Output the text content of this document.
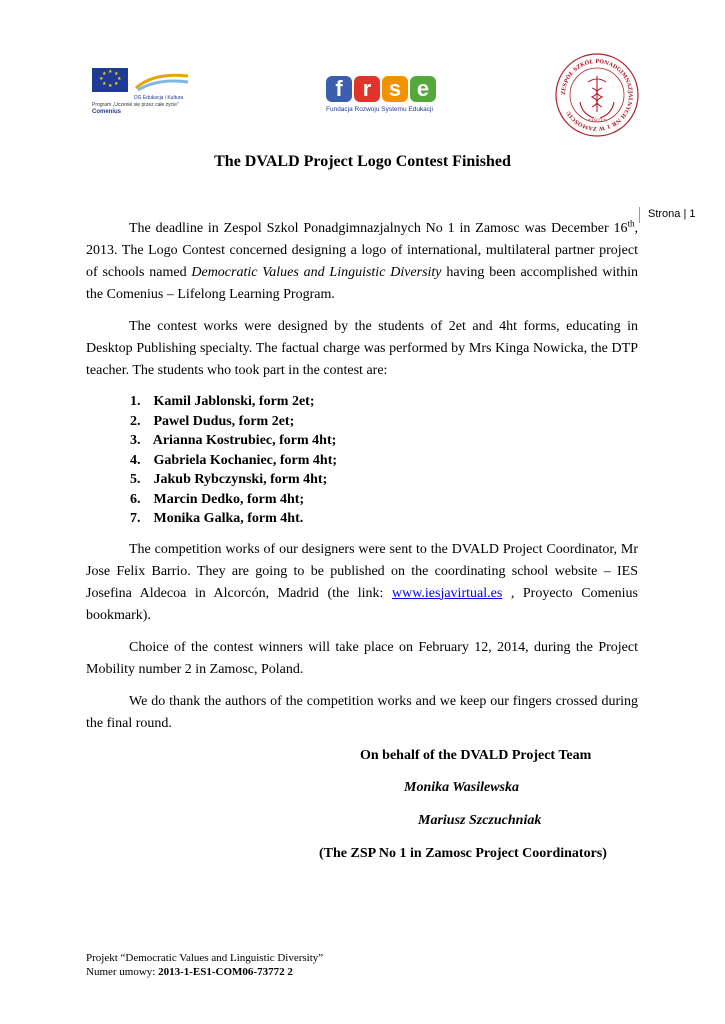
★ ★
★
★
★
★
★
★
DG Edukacja i Kultura
Program „Uczenie się przez całe życie”
Comenius
f r s e
Fundacja Rozwoju Systemu Edukacji
ZESPÓŁ SZKÓŁ PONADGIMNAZJALNYCH NR 1 W ZAMOŚCIU
*1921*
The DVALD Project Logo Contest Finished
Strona | 1

The deadline in Zespol Szkol Ponadgimnazjalnych No 1 in Zamosc was December 16th, 2013. The Logo Contest concerned designing a logo of international, multilateral partner project of schools named Democratic Values and Linguistic Diversity having been accomplished within the Comenius – Lifelong Learning Program.

The contest works were designed by the students of 2et and 4ht forms, educating in Desktop Publishing specialty. The factual charge was performed by Mrs Kinga Nowicka, the DTP teacher. The students who took part in the contest are:

1. Kamil Jablonski, form 2et;
2. Pawel Dudus, form 2et;
3. Arianna Kostrubiec, form 4ht;
4. Gabriela Kochaniec, form 4ht;
5. Jakub Rybczynski, form 4ht;
6. Marcin Dedko, form 4ht;
7. Monika Galka, form 4ht.

The competition works of our designers were sent to the DVALD Project Coordinator, Mr Jose Felix Barrio. They are going to be published on the coordinating school website – IES Josefina Aldecoa in Alcorcón, Madrid (the link: www.iesjavirtual.es , Proyecto Comenius bookmark).

Choice of the contest winners will take place on February 12, 2014, during the Project Mobility number 2 in Zamosc, Poland.

We do thank the authors of the competition works and we keep our fingers crossed during the final round.

On behalf of the DVALD Project Team
Monika Wasilewska
Mariusz Szczuchniak
(The ZSP No 1 in Zamosc Project Coordinators)
Projekt “Democratic Values and Linguistic Diversity”
Numer umowy: 2013-1-ES1-COM06-73772 2
